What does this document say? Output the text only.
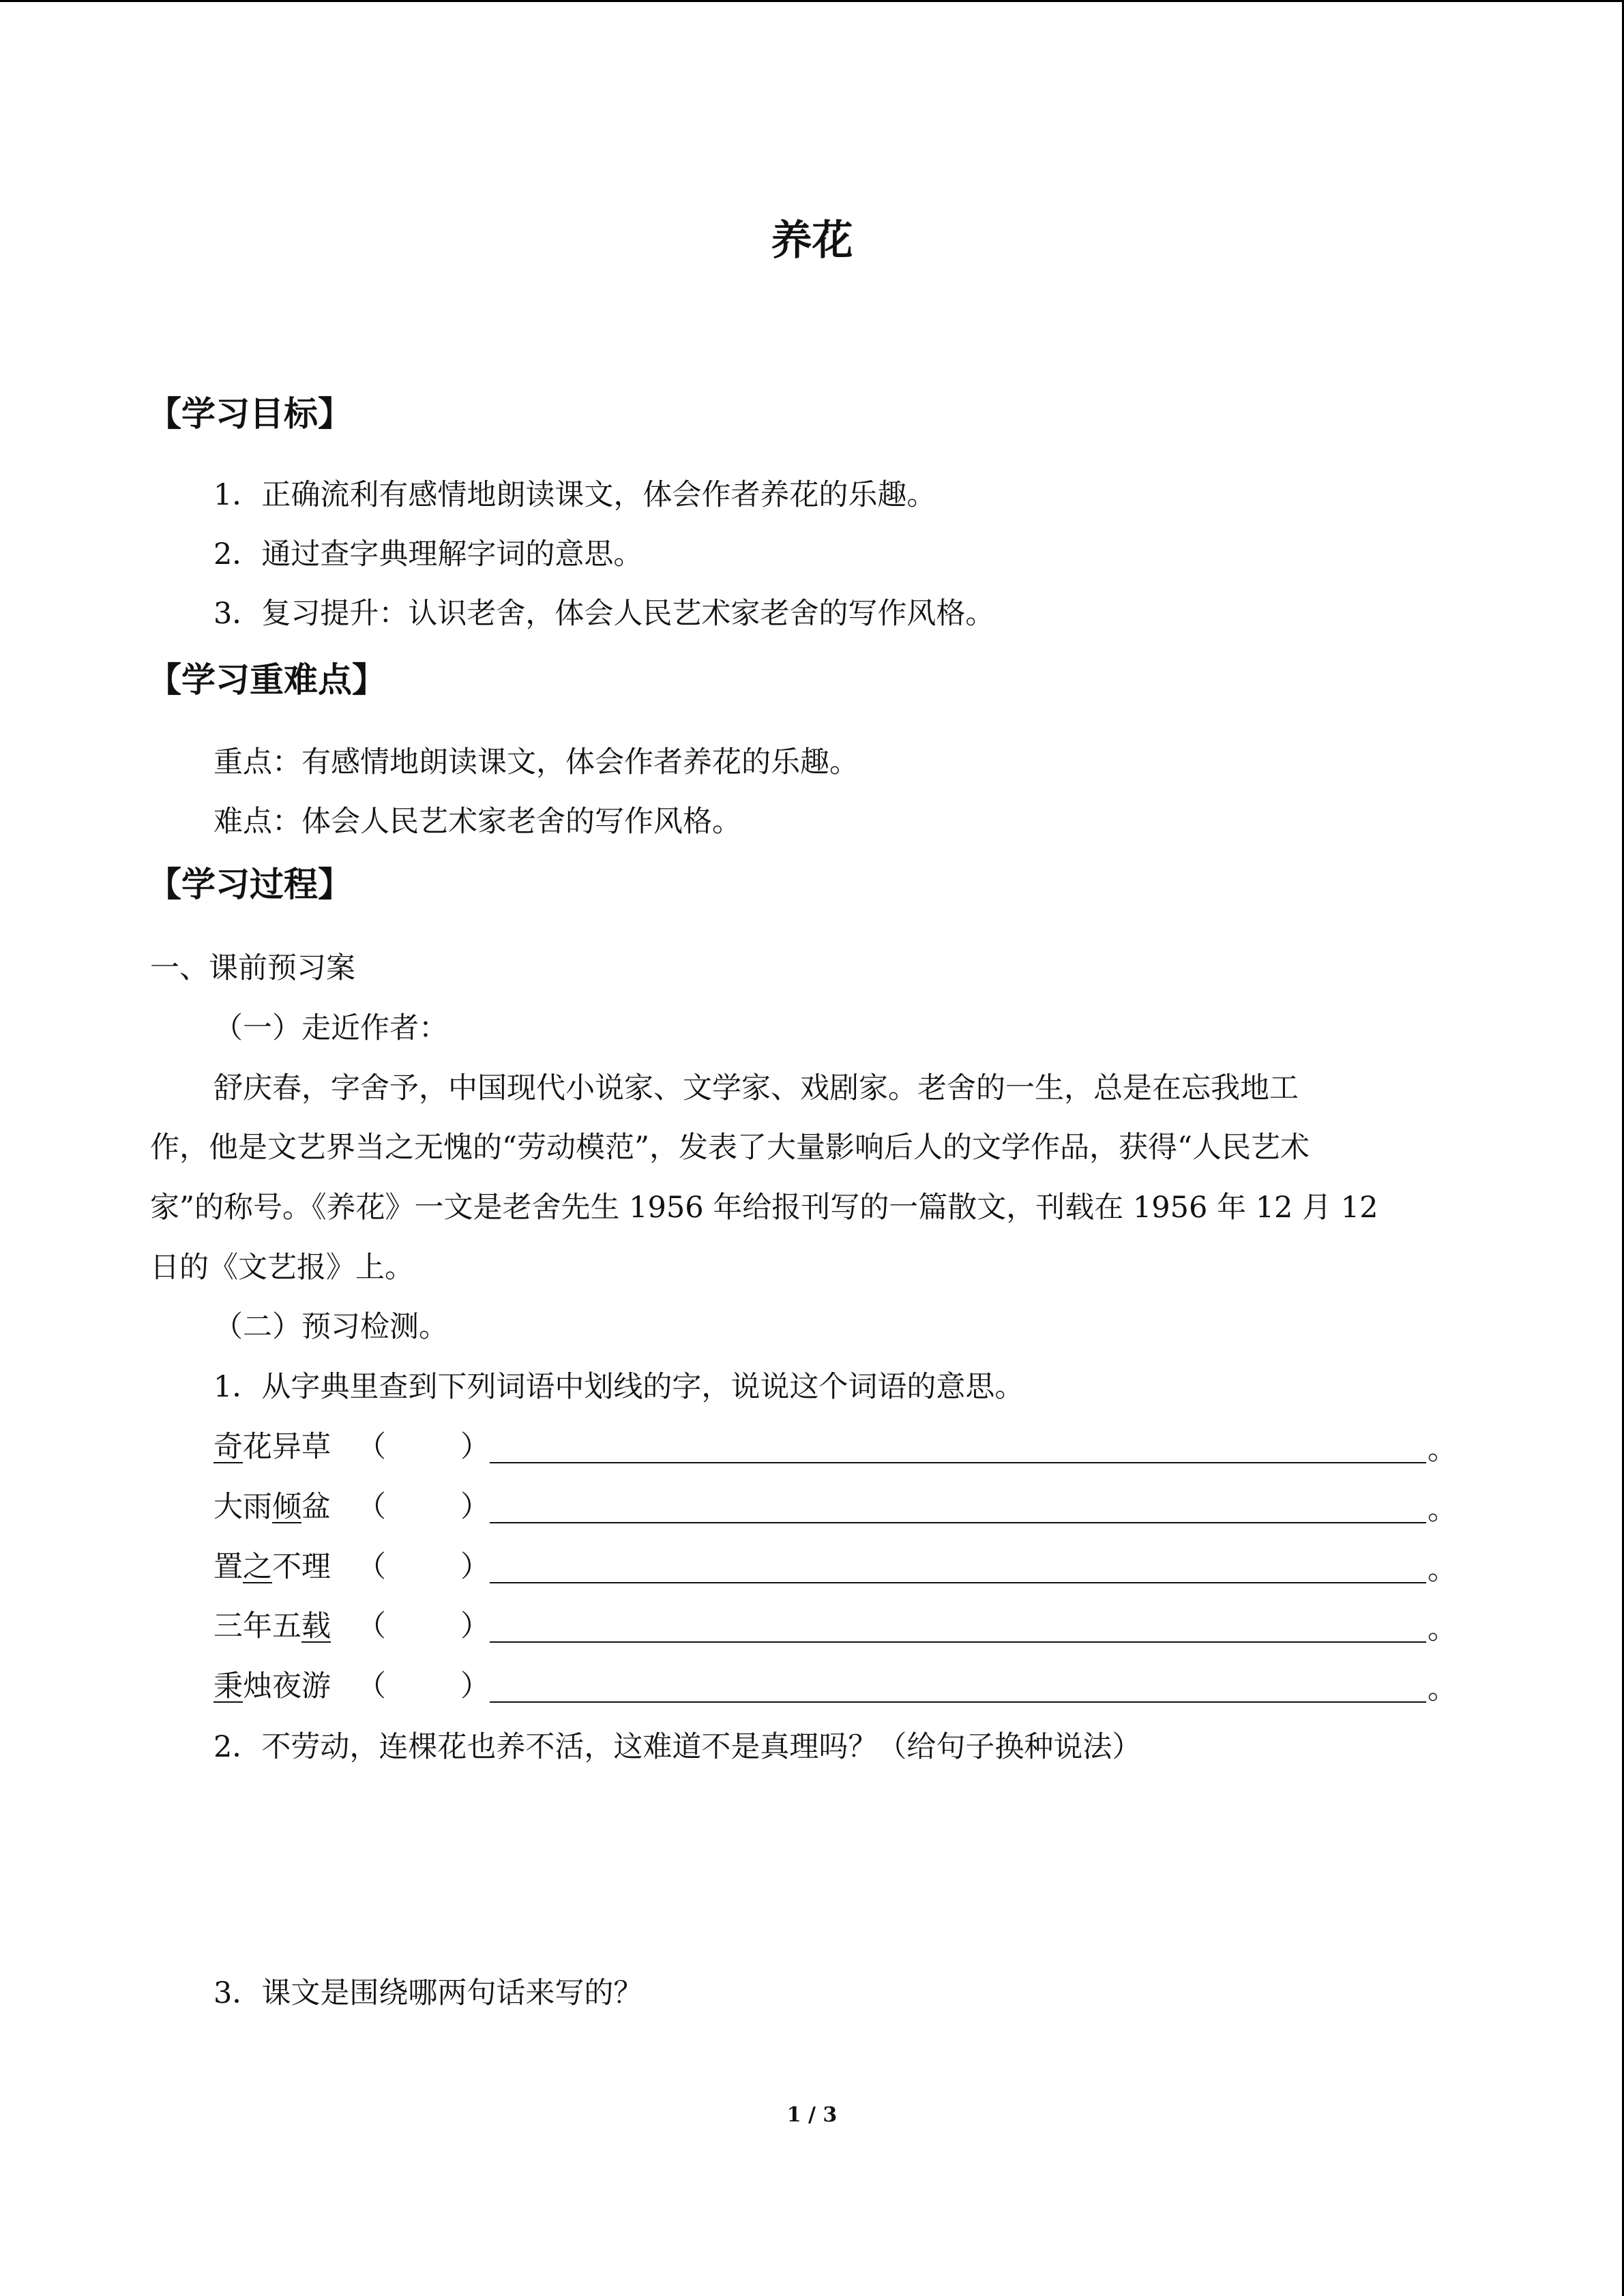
养花
【学习目标】
1．正确流利有感情地朗读课文，体会作者养花的乐趣。
2．通过查字典理解字词的意思。
3．复习提升：认识老舍，体会人民艺术家老舍的写作风格。
【学习重难点】
重点：有感情地朗读课文，体会作者养花的乐趣。
难点：体会人民艺术家老舍的写作风格。
【学习过程】
一、课前预习案
（一）走近作者：
舒庆春，字舍予，中国现代小说家、文学家、戏剧家。老舍的一生，总是在忘我地工
作，他是文艺界当之无愧的“劳动模范”，发表了大量影响后人的文学作品，获得“人民艺术
家”的称号。《养花》一文是老舍先生 1956 年给报刊写的一篇散文，刊载在 1956 年 12 月 12
日的《文艺报》上。
（二）预习检测。
1．从字典里查到下列词语中划线的字，说说这个词语的意思。
奇花异草 （	）	。
大雨倾盆 （	）	。
置之不理 （	）	。
三年五载 （	）	。
秉烛夜游 （	）	。
2．不劳动，连棵花也养不活，这难道不是真理吗？（给句子换种说法）
3．课文是围绕哪两句话来写的？
1 / 3
